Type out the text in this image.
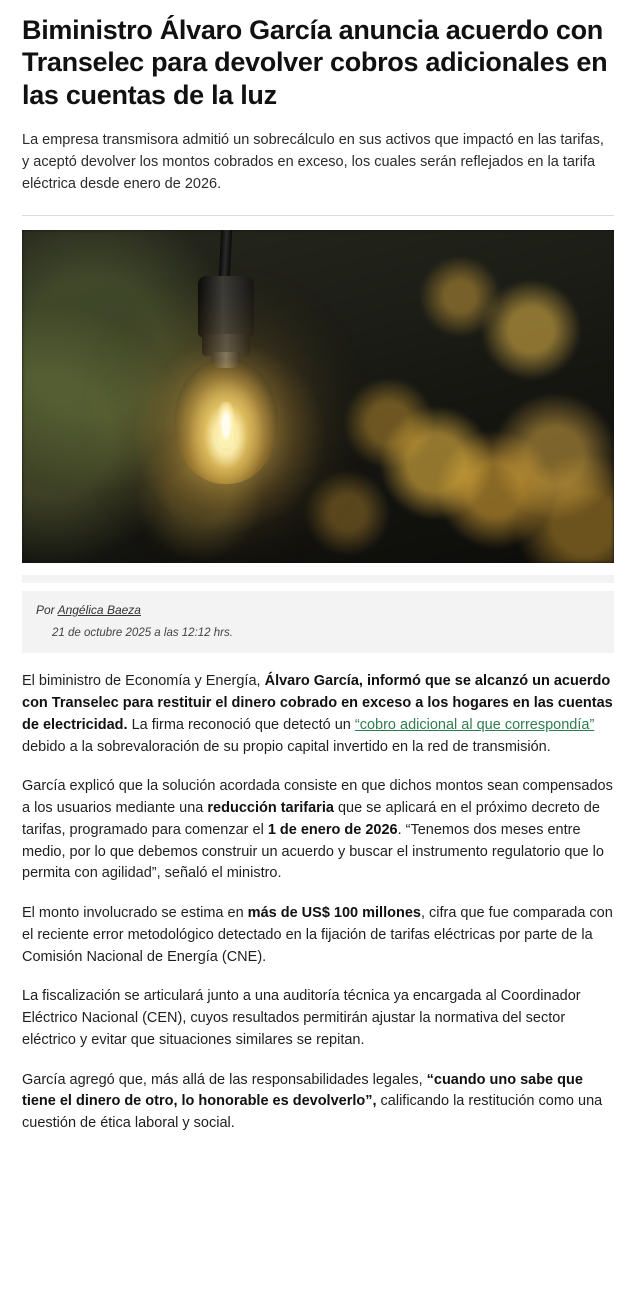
Biministro Álvaro García anuncia acuerdo con Transelec para devolver cobros adicionales en las cuentas de la luz

La empresa transmisora admitió un sobrecálculo en sus activos que impactó en las tarifas, y aceptó devolver los montos cobrados en exceso, los cuales serán reflejados en la tarifa eléctrica desde enero de 2026.

Por Angélica Baeza
21 de octubre 2025 a las 12:12 hrs.

El biministro de Economía y Energía, Álvaro García, informó que se alcanzó un acuerdo con Transelec para restituir el dinero cobrado en exceso a los hogares en las cuentas de electricidad. La firma reconoció que detectó un “cobro adicional al que correspondía” debido a la sobrevaloración de su propio capital invertido en la red de transmisión.

García explicó que la solución acordada consiste en que dichos montos sean compensados a los usuarios mediante una reducción tarifaria que se aplicará en el próximo decreto de tarifas, programado para comenzar el 1 de enero de 2026. “Tenemos dos meses entre medio, por lo que debemos construir un acuerdo y buscar el instrumento regulatorio que lo permita con agilidad”, señaló el ministro.

El monto involucrado se estima en más de US$ 100 millones, cifra que fue comparada con el reciente error metodológico detectado en la fijación de tarifas eléctricas por parte de la Comisión Nacional de Energía (CNE).

La fiscalización se articulará junto a una auditoría técnica ya encargada al Coordinador Eléctrico Nacional (CEN), cuyos resultados permitirán ajustar la normativa del sector eléctrico y evitar que situaciones similares se repitan.

García agregó que, más allá de las responsabilidades legales, “cuando uno sabe que tiene el dinero de otro, lo honorable es devolverlo”, calificando la restitución como una cuestión de ética laboral y social.
